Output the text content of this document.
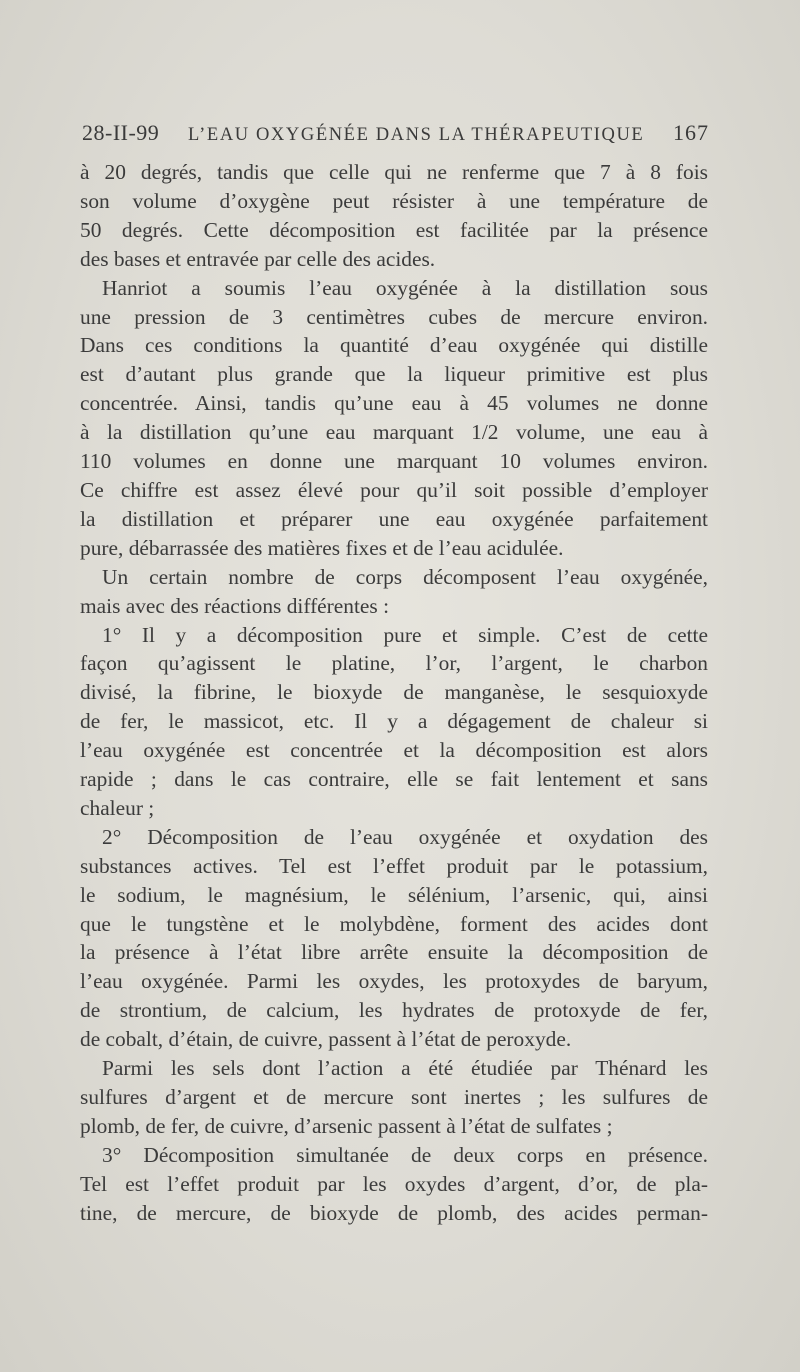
28-II-99 L’EAU OXYGÉNÉE DANS LA THÉRAPEUTIQUE 167

à 20 degrés, tandis que celle qui ne renferme que 7 à 8 fois

son volume d’oxygène peut résister à une température de

50 degrés. Cette décomposition est facilitée par la présence

des bases et entravée par celle des acides.

Hanriot a soumis l’eau oxygénée à la distillation sous

une pression de 3 centimètres cubes de mercure environ.

Dans ces conditions la quantité d’eau oxygénée qui distille

est d’autant plus grande que la liqueur primitive est plus

concentrée. Ainsi, tandis qu’une eau à 45 volumes ne donne

à la distillation qu’une eau marquant 1/2 volume, une eau à

110 volumes en donne une marquant 10 volumes environ.

Ce chiffre est assez élevé pour qu’il soit possible d’employer

la distillation et préparer une eau oxygénée parfaitement

pure, débarrassée des matières fixes et de l’eau acidulée.

Un certain nombre de corps décomposent l’eau oxygénée,

mais avec des réactions différentes :

1° Il y a décomposition pure et simple. C’est de cette

façon qu’agissent le platine, l’or, l’argent, le charbon

divisé, la fibrine, le bioxyde de manganèse, le sesquioxyde

de fer, le massicot, etc. Il y a dégagement de chaleur si

l’eau oxygénée est concentrée et la décomposition est alors

rapide ; dans le cas contraire, elle se fait lentement et sans

chaleur ;

2° Décomposition de l’eau oxygénée et oxydation des

substances actives. Tel est l’effet produit par le potassium,

le sodium, le magnésium, le sélénium, l’arsenic, qui, ainsi

que le tungstène et le molybdène, forment des acides dont

la présence à l’état libre arrête ensuite la décomposition de

l’eau oxygénée. Parmi les oxydes, les protoxydes de baryum,

de strontium, de calcium, les hydrates de protoxyde de fer,

de cobalt, d’étain, de cuivre, passent à l’état de peroxyde.

Parmi les sels dont l’action a été étudiée par Thénard les

sulfures d’argent et de mercure sont inertes ; les sulfures de

plomb, de fer, de cuivre, d’arsenic passent à l’état de sulfates ;

3° Décomposition simultanée de deux corps en présence.

Tel est l’effet produit par les oxydes d’argent, d’or, de pla-

tine, de mercure, de bioxyde de plomb, des acides perman-
